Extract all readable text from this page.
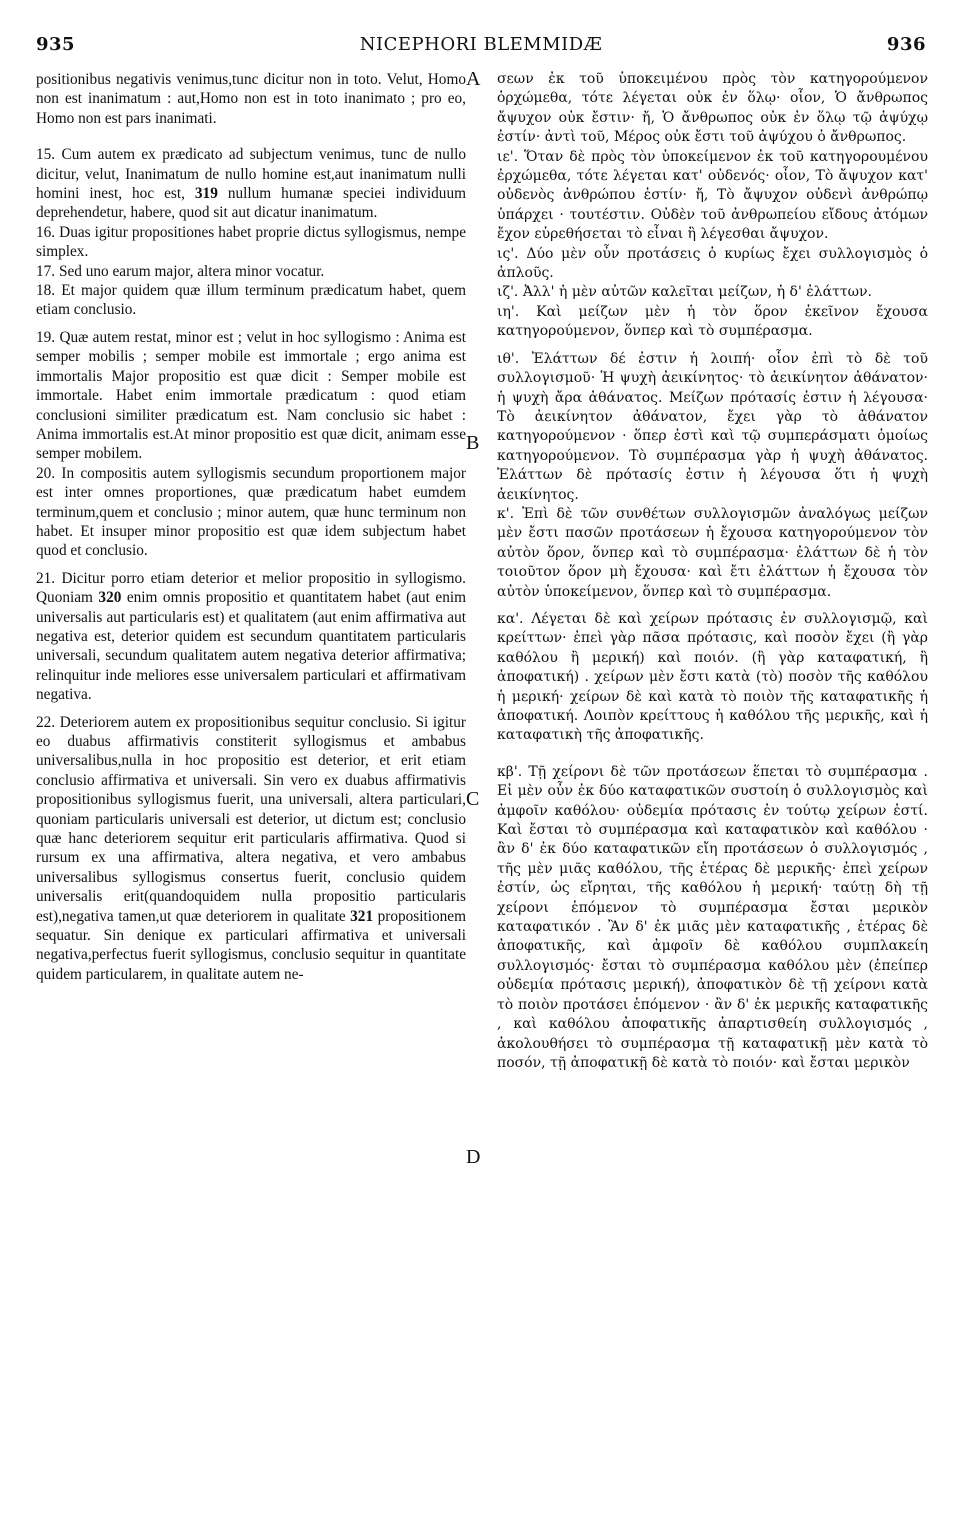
935	NICEPHORI BLEMMIDÆ	936
A
B
C
D

positionibus negativis venimus,tunc dicitur non in toto. Velut, Homo non est inanimatum : aut,Homo non est in toto inanimato ; pro eo, Homo non est pars inanimati.

15. Cum autem ex prædicato ad subjectum venimus, tunc de nullo dicitur, velut, Inanimatum de nullo homine est,aut inanimatum nulli homini inest, hoc est, 319 nullum humanæ speciei individuum deprehendetur, habere, quod sit aut dicatur inanimatum.

16. Duas igitur propositiones habet proprie dictus syllogismus, nempe simplex.

17. Sed uno earum major, altera minor vocatur.

18. Et major quidem quæ illum terminum prædicatum habet, quem etiam conclusio.

19. Quæ autem restat, minor est ; velut in hoc syllogismo : Anima est semper mobilis ; semper mobile est immortale ; ergo anima est immortalis Major propositio est quæ dicit : Semper mobile est immortale. Habet enim immortale prædicatum : quod etiam conclusioni similiter prædicatum est. Nam conclusio sic habet : Anima immortalis est.At minor propositio est quæ dicit, animam esse semper mobilem.

20. In compositis autem syllogismis secundum proportionem major est inter omnes proportiones, quæ prædicatum habet eumdem terminum,quem et conclusio ; minor autem, quæ hunc terminum non habet. Et insuper minor propositio est quæ idem subjectum habet quod et conclusio.

21. Dicitur porro etiam deterior et melior propositio in syllogismo. Quoniam 320 enim omnis propositio et quantitatem habet (aut enim universalis aut particularis est) et qualitatem (aut enim affirmativa aut negativa est, deterior quidem est secundum quantitatem particularis universali, secundum qualitatem autem negativa deterior affirmativa; relinquitur inde meliores esse universalem particulari et affirmativam negativa.

22. Deteriorem autem ex propositionibus sequitur conclusio. Si igitur eo duabus affirmativis constiterit syllogismus et ambabus universalibus,nulla in hoc propositio est deterior, et erit etiam conclusio affirmativa et universali. Sin vero ex duabus affirmativis propositionibus syllogismus fuerit, una universali, altera particulari, quoniam particularis universali est deterior, ut dictum est; conclusio quæ hanc deteriorem sequitur erit particularis affirmativa. Quod si rursum ex una affirmativa, altera negativa, et vero ambabus universalibus syllogismus consertus fuerit, conclusio quidem universalis erit(quandoquidem nulla propositio particularis est),negativa tamen,ut quæ deteriorem in qualitate 321 propositionem sequatur. Sin denique ex particulari affirmativa et universali negativa,perfectus fuerit syllogismus, conclusio sequitur in quantitate quidem particularem, in qualitate autem ne-

σεων ἐκ τοῦ ὑποκειμένου πρὸς τὸν κατηγορούμενον ὁρχώμεθα, τότε λέγεται οὐκ ἐν ὅλῳ· οἷον, Ὁ ἄνθρωπος ἄψυχον οὐκ ἔστιν· ἤ, Ὁ ἄνθρωπος οὐκ ἐν ὅλῳ τῷ ἀψύχῳ ἐστίν· ἀντὶ τοῦ, Μέρος οὐκ ἔστι τοῦ ἀψύχου ὁ ἄνθρωπος.

ιε'. Ὅταν δὲ πρὸς τὸν ὑποκείμενον ἐκ τοῦ κατηγορουμένου ἐρχώμεθα, τότε λέγεται κατ' οὐδενός· οἷον, Τὸ ἄψυχον κατ' οὐδενὸς ἀνθρώπου ἐστίν· ἤ, Τὸ ἄψυχον οὐδενὶ ἀνθρώπῳ ὑπάρχει · τουτέστιν. Οὐδὲν τοῦ ἀνθρωπείου εἴδους ἀτόμων ἔχον εὑρεθήσεται τὸ εἶναι ἢ λέγεσθαι ἄψυχον.

ις'. Δύο μὲν οὖν προτάσεις ὁ κυρίως ἔχει συλλογισμὸς ὁ ἁπλοῦς.

ιζ'. Ἀλλ' ἡ μὲν αὐτῶν καλεῖται μείζων, ἡ δ' ἐλάττων.

ιη'. Καὶ μείζων μὲν ἡ τὸν ὅρον ἐκεῖνον ἔχουσα κατηγορούμενον, ὅνπερ καὶ τὸ συμπέρασμα.

ιθ'. Ἐλάττων δέ ἐστιν ἡ λοιπή· οἷον ἐπὶ τὸ δὲ τοῦ συλλογισμοῦ· Ἡ ψυχὴ ἀεικίνητος· τὸ ἀεικίνητον ἀθάνατον· ἡ ψυχὴ ἄρα ἀθάνατος. Μείζων πρότασίς ἐστιν ἡ λέγουσα· Τὸ ἀεικίνητον ἀθάνατον, ἔχει γὰρ τὸ ἀθάνατον κατηγορούμενον · ὅπερ ἐστὶ καὶ τῷ συμπεράσματι ὁμοίως κατηγορούμενον. Τὸ συμπέρασμα γὰρ ἡ ψυχὴ ἀθάνατος. Ἐλάττων δὲ πρότασίς ἐστιν ἡ λέγουσα ὅτι ἡ ψυχὴ ἀεικίνητος.

κ'. Ἐπὶ δὲ τῶν συνθέτων συλλογισμῶν ἀναλόγως μείζων μὲν ἔστι πασῶν προτάσεων ἡ ἔχουσα κατηγορούμενον τὸν αὐτὸν ὅρον, ὅνπερ καὶ τὸ συμπέρασμα· ἐλάττων δὲ ἡ τὸν τοιοῦτον ὅρον μὴ ἔχουσα· καὶ ἔτι ἐλάττων ἡ ἔχουσα τὸν αὐτὸν ὑποκείμενον, ὅνπερ καὶ τὸ συμπέρασμα.

κα'. Λέγεται δὲ καὶ χείρων πρότασις ἐν συλλογισμῷ, καὶ κρείττων· ἐπεὶ γὰρ πᾶσα πρότασις, καὶ ποσὸν ἔχει (ἢ γὰρ καθόλου ἢ μερική) καὶ ποιόν. (ἢ γὰρ καταφατική, ἢ ἀποφατική) . χείρων μὲν ἔστι κατὰ (τὸ) ποσὸν τῆς καθόλου ἡ μερική· χείρων δὲ καὶ κατὰ τὸ ποιὸν τῆς καταφατικῆς ἡ ἀποφατική. Λοιπὸν κρείττους ἡ καθόλου τῆς μερικῆς, καὶ ἡ καταφατικὴ τῆς ἀποφατικῆς.

κβ'. Τῇ χείρονι δὲ τῶν προτάσεων ἕπεται τὸ συμπέρασμα . Εἰ μὲν οὖν ἐκ δύο καταφατικῶν συστοίη ὁ συλλογισμὸς καὶ ἀμφοῖν καθόλου· οὐδεμία πρότασις ἐν τούτῳ χείρων ἐστί. Καὶ ἔσται τὸ συμπέρασμα καὶ καταφατικὸν καὶ καθόλου · ἂν δ' ἐκ δύο καταφατικῶν εἴη προτάσεων ὁ συλλογισμός , τῆς μὲν μιᾶς καθόλου, τῆς ἑτέρας δὲ μερικῆς· ἐπεὶ χείρων ἐστίν, ὡς εἴρηται, τῆς καθόλου ἡ μερική· ταύτῃ δὴ τῇ χείρονι ἑπόμενον τὸ συμπέρασμα ἔσται μερικὸν καταφατικόν . Ἂν δ' ἐκ μιᾶς μὲν καταφατικῆς , ἑτέρας δὲ ἀποφατικῆς, καὶ ἀμφοῖν δὲ καθόλου συμπλακείη συλλογισμός· ἔσται τὸ συμπέρασμα καθόλου μὲν (ἐπείπερ οὐδεμία πρότασις μερική), ἀποφατικὸν δὲ τῇ χείρονι κατὰ τὸ ποιὸν προτάσει ἑπόμενον · ἂν δ' ἐκ μερικῆς καταφατικῆς , καὶ καθόλου ἀποφατικῆς ἀπαρτισθείη συλλογισμός , ἀκολουθήσει τὸ συμπέρασμα τῇ καταφατικῇ μὲν κατὰ τὸ ποσόν, τῇ ἀποφατικῇ δὲ κατὰ τὸ ποιόν· καὶ ἔσται μερικὸν
